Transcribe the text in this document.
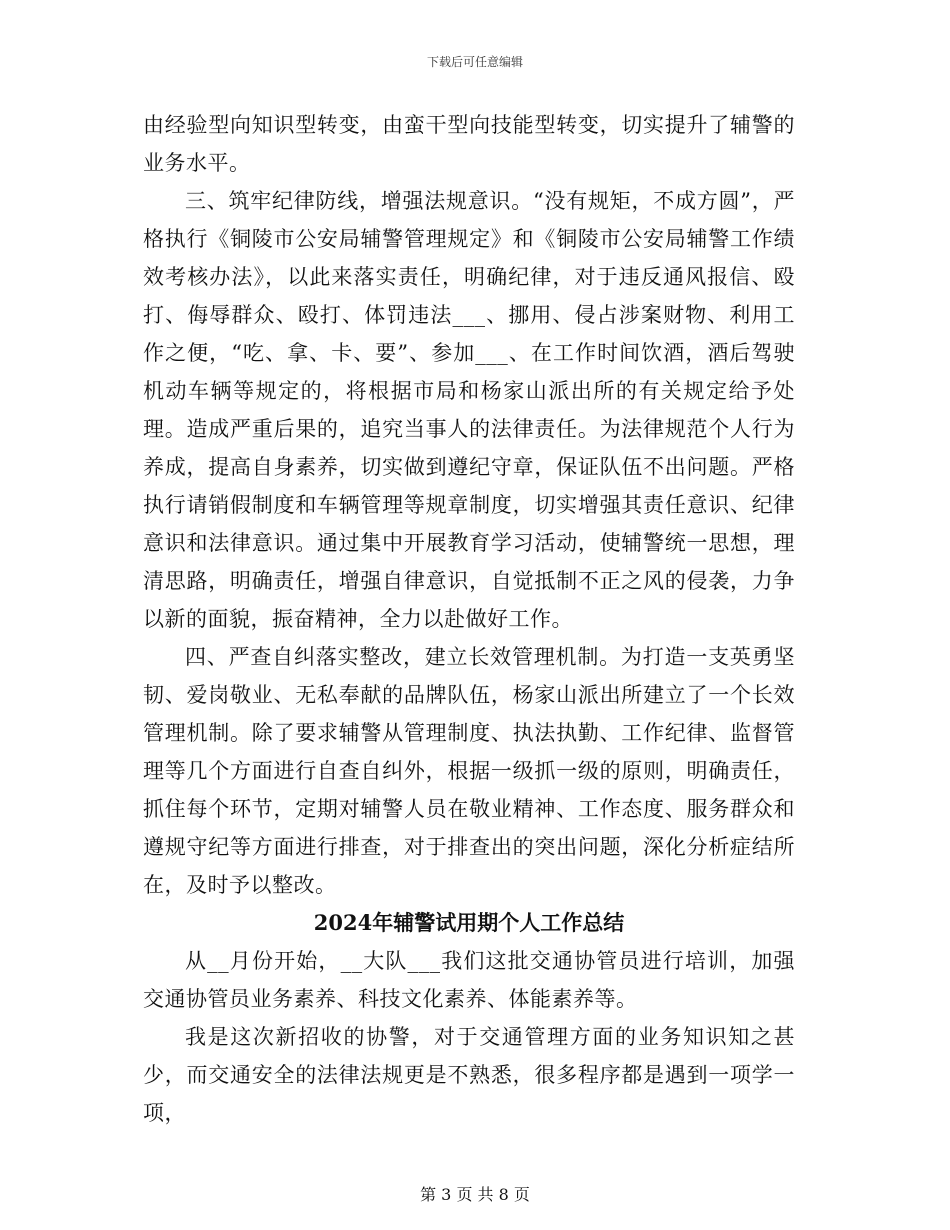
下载后可任意编辑

由经验型向知识型转变，由蛮干型向技能型转变，切实提升了辅警的业务水平。

三、筑牢纪律防线，增强法规意识。“没有规矩，不成方圆”，严格执行《铜陵市公安局辅警管理规定》和《铜陵市公安局辅警工作绩效考核办法》，以此来落实责任，明确纪律，对于违反通风报信、殴打、侮辱群众、殴打、体罚违法___、挪用、侵占涉案财物、利用工作之便，“吃、拿、卡、要”、参加___、在工作时间饮酒，酒后驾驶机动车辆等规定的，将根据市局和杨家山派出所的有关规定给予处理。造成严重后果的，追究当事人的法律责任。为法律规范个人行为养成，提高自身素养，切实做到遵纪守章，保证队伍不出问题。严格执行请销假制度和车辆管理等规章制度，切实增强其责任意识、纪律意识和法律意识。通过集中开展教育学习活动，使辅警统一思想，理清思路，明确责任，增强自律意识，自觉抵制不正之风的侵袭，力争以新的面貌，振奋精神，全力以赴做好工作。

四、严查自纠落实整改，建立长效管理机制。为打造一支英勇坚韧、爱岗敬业、无私奉献的品牌队伍，杨家山派出所建立了一个长效管理机制。除了要求辅警从管理制度、执法执勤、工作纪律、监督管理等几个方面进行自查自纠外，根据一级抓一级的原则，明确责任，抓住每个环节，定期对辅警人员在敬业精神、工作态度、服务群众和遵规守纪等方面进行排查，对于排查出的突出问题，深化分析症结所在，及时予以整改。

2024年辅警试用期个人工作总结

从__月份开始，__大队___我们这批交通协管员进行培训，加强交通协管员业务素养、科技文化素养、体能素养等。

我是这次新招收的协警，对于交通管理方面的业务知识知之甚少，而交通安全的法律法规更是不熟悉，很多程序都是遇到一项学一项，

第 3 页 共 8 页
